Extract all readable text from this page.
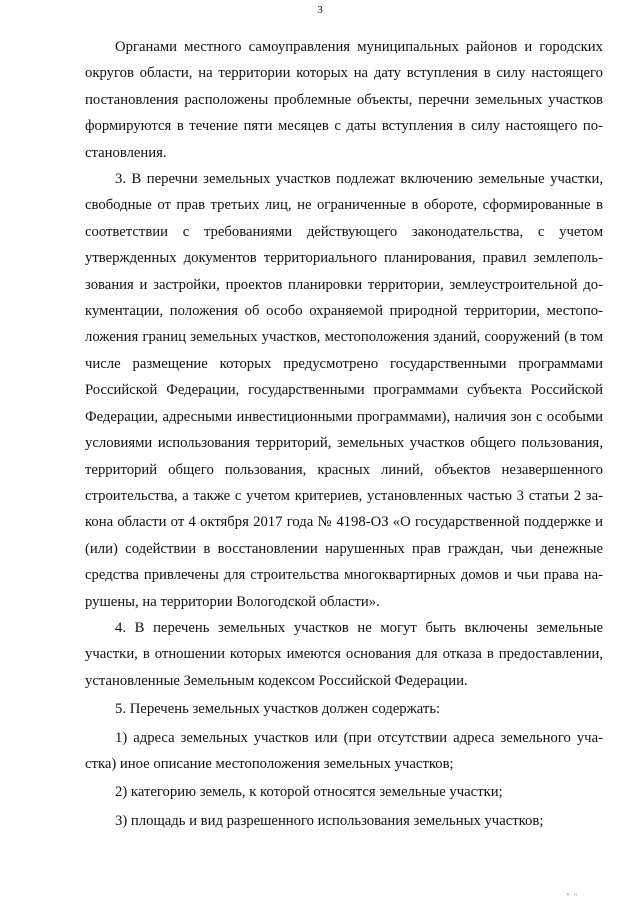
3

Органами местного самоуправления муниципальных районов и городских округов области, на территории которых на дату вступления в силу настоящего постановления расположены проблемные объекты, перечни земельных участков формируются в течение пяти месяцев с даты вступления в силу настоящего постановления.

3. В перечни земельных участков подлежат включению земельные участки, свободные от прав третьих лиц, не ограниченные в обороте, сформированные в соответствии с требованиями действующего законодательства, с учетом утвержденных документов территориального планирования, правил землепользования и застройки, проектов планировки территории, землеустроительной документации, положения об особо охраняемой природной территории, местоположения границ земельных участков, местоположения зданий, сооружений (в том числе размещение которых предусмотрено государственными программами Российской Федерации, государственными программами субъекта Российской Федерации, адресными инвестиционными программами), наличия зон с особыми условиями использования территорий, земельных участков общего пользования, территорий общего пользования, красных линий, объектов незавершенного строительства, а также с учетом критериев, установленных частью 3 статьи 2 закона области от 4 октября 2017 года № 4198-ОЗ «О государственной поддержке и (или) содействии в восстановлении нарушенных прав граждан, чьи денежные средства привлечены для строительства многоквартирных домов и чьи права нарушены, на территории Вологодской области».

4. В перечень земельных участков не могут быть включены земельные участки, в отношении которых имеются основания для отказа в предоставлении, установленные Земельным кодексом Российской Федерации.

5. Перечень земельных участков должен содержать:

1) адреса земельных участков или (при отсутствии адреса земельного участка) иное описание местоположения земельных участков;

2) категорию земель, к которой относятся земельные участки;

3) площадь и вид разрешенного использования земельных участков;

" "
